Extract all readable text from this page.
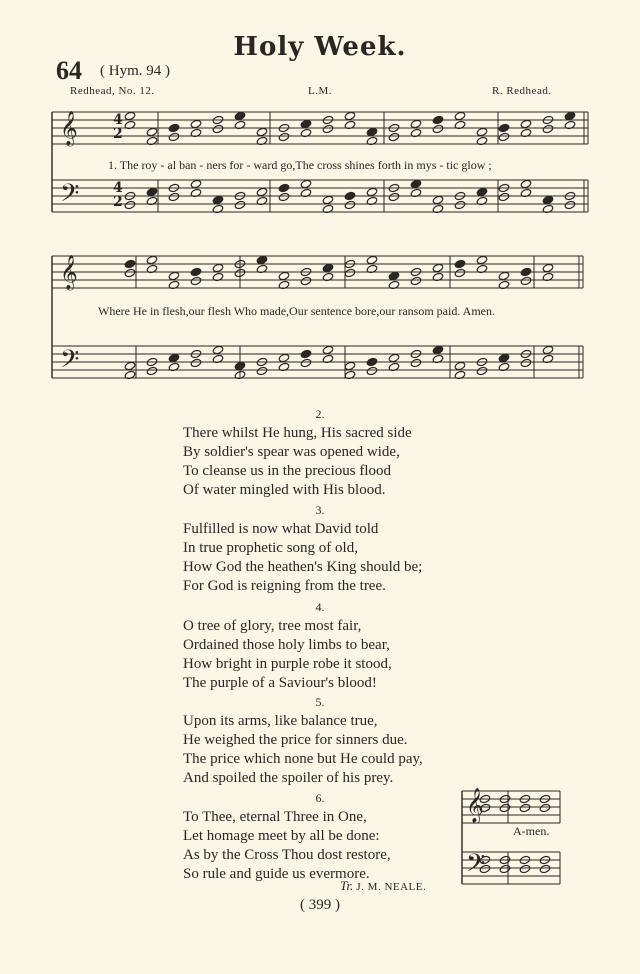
Holy Week.
64 ( Hym. 94 )
Redhead, No. 12.	L.M.	R. Redhead.
𝄞
𝄢
𝄞
𝄢
𝄞
𝄢
4
2
4
2
1. The roy - al ban - ners for - ward go,The cross shines forth in mys - tic glow ;
Where He in flesh,our flesh Who made,Our sentence bore,our ransom paid. Amen.
A-men.
2.
There whilst He hung, His sacred side
By soldier's spear was opened wide,
To cleanse us in the precious flood
Of water mingled with His blood.
3.
Fulfilled is now what David told
In true prophetic song of old,
How God the heathen's King should be;
For God is reigning from the tree.
4.
O tree of glory, tree most fair,
Ordained those holy limbs to bear,
How bright in purple robe it stood,
The purple of a Saviour's blood!
5.
Upon its arms, like balance true,
He weighed the price for sinners due.
The price which none but He could pay,
And spoiled the spoiler of his prey.
6.
To Thee, eternal Three in One,
Let homage meet by all be done:
As by the Cross Thou dost restore,
So rule and guide us evermore.
Tr. J. M. NEALE.
( 399 )
